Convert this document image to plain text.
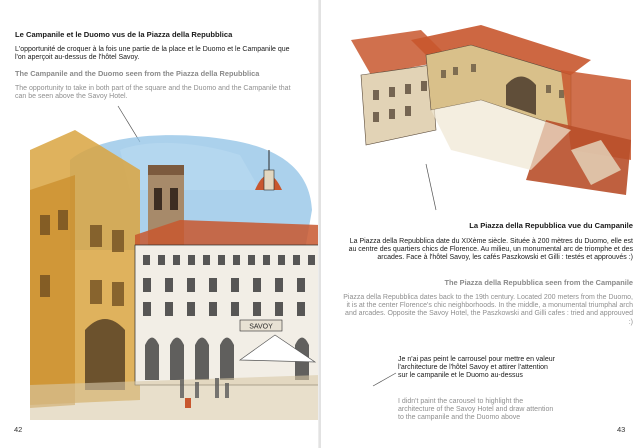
Le Campanile et le Duomo vus de la Piazza della Repubblica
L'opportunité de croquer à la fois une partie de la place et le Duomo et le Campanile que l'on aperçoit au-dessus de l'hôtel Savoy.
The Campanile and the Duomo seen from the Piazza della Repubblica
The opportunity to take in both part of the square and the Duomo and the Campanile that can be seen above the Savoy Hotel.
SAVOY
42
La Piazza della Repubblica vue du Campanile
La Piazza della Repubblica date du XIXème siècle. Située à 200 mètres du Duomo, elle est au centre des quartiers chics de Florence. Au milieu, un monumental arc de triomphe et des arcades. Face à l'hôtel Savoy, les cafés Paszkowski et Gilli : testés et approuvés :)
The Piazza della Repubblica seen from the Campanile
Piazza della Repubblica dates back to the 19th century. Located 200 meters from the Duomo, it is at the center Florence's chic neighborhoods. In the middle, a monumental triumphal arch and arcades. Opposite the Savoy Hotel, the Paszkowski and Gilli cafes : tried and approuved :)
Je n'ai pas peint le carrousel pour mettre en valeur l'architecture de l'hôtel Savoy et attirer l'attention sur le campanile et le Duomo au-dessus
I didn't paint the carousel to highlight the architecture of the Savoy Hotel and draw attention to the campanile and the Duomo above
43
